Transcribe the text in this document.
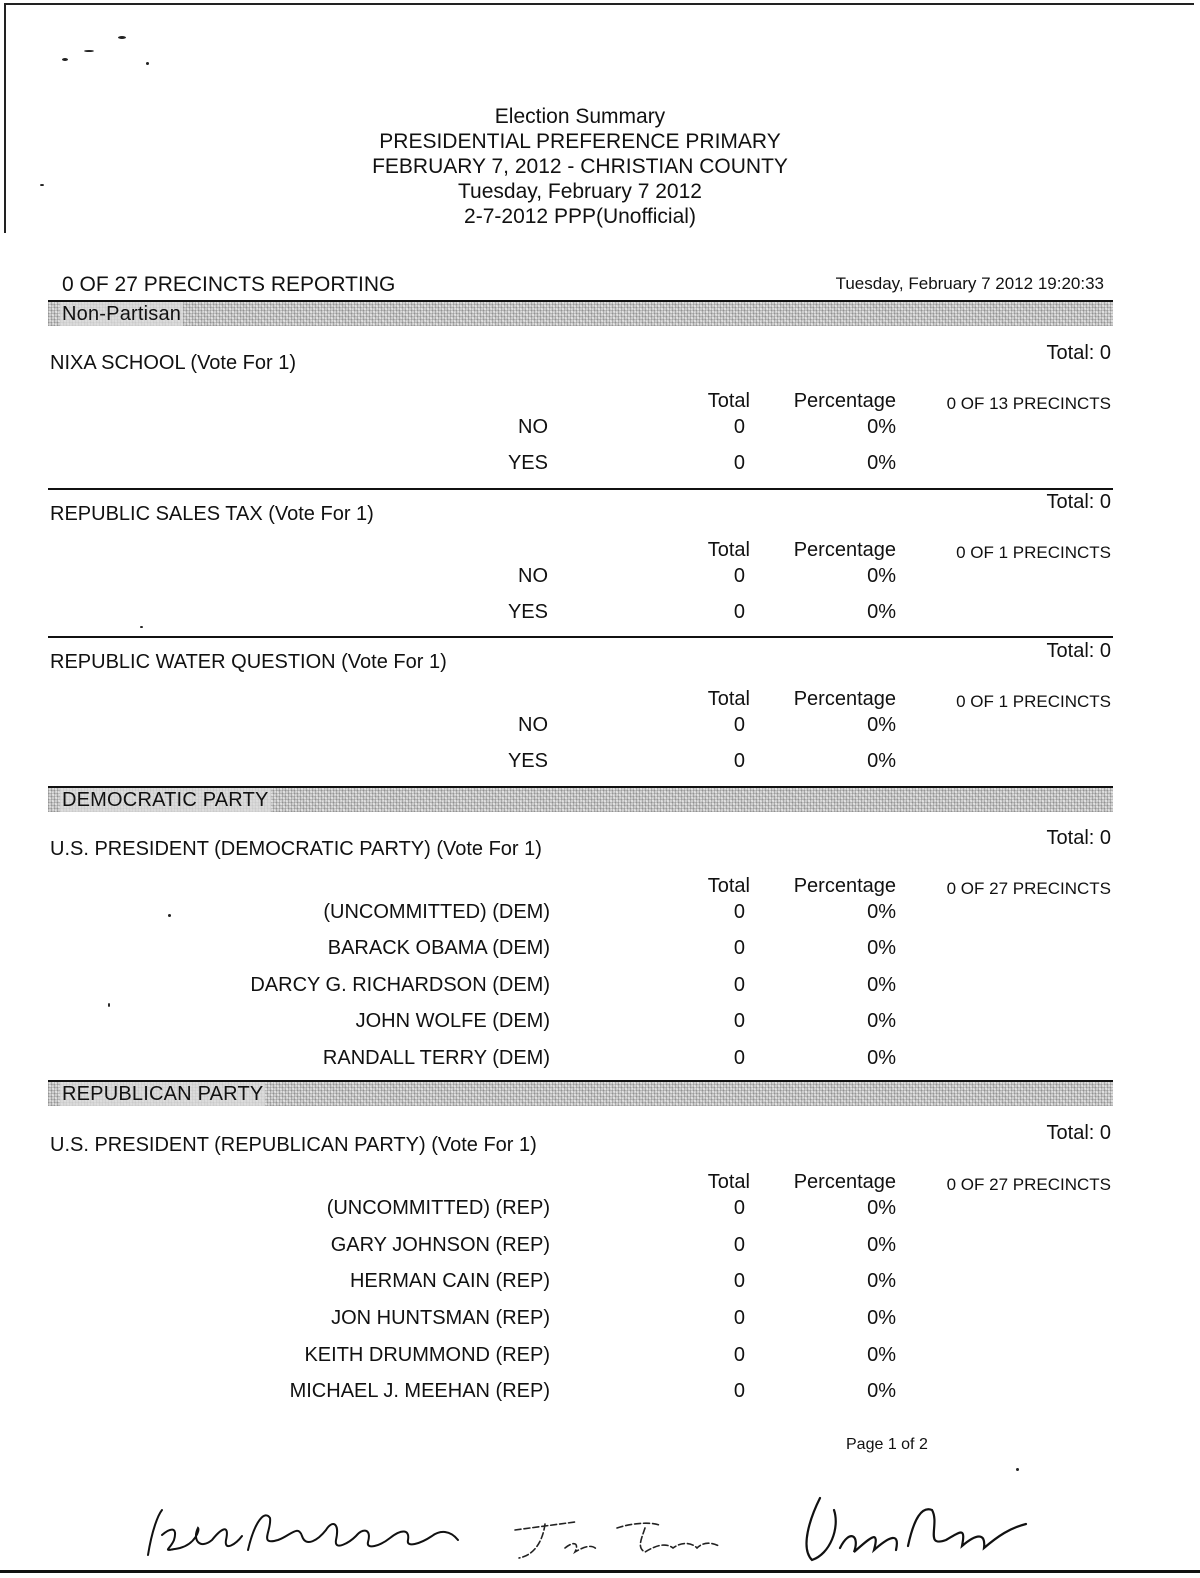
Election Summary
PRESIDENTIAL PREFERENCE PRIMARY
FEBRUARY 7, 2012 - CHRISTIAN COUNTY
Tuesday, February 7 2012
2-7-2012 PPP(Unofficial)
0 OF 27 PRECINCTS REPORTING	Tuesday, February 7 2012 19:20:33
Non-Partisan
NIXA SCHOOL (Vote For 1)	Total: 0
Total	Percentage	0 OF 13 PRECINCTS
NO	0	0%
YES	0	0%
REPUBLIC SALES TAX (Vote For 1)
Total: 0
Total	Percentage	0 OF 1 PRECINCTS
NO	0	0%
YES	0	0%
REPUBLIC WATER QUESTION (Vote For 1)	Total: 0
Total	Percentage	0 OF 1 PRECINCTS
NO	0	0%
YES	0	0%
DEMOCRATIC PARTY
U.S. PRESIDENT (DEMOCRATIC PARTY) (Vote For 1)	Total: 0
Total	Percentage	0 OF 27 PRECINCTS
(UNCOMMITTED) (DEM)	0	0%
BARACK OBAMA (DEM)	0	0%
DARCY G. RICHARDSON (DEM)	0	0%
JOHN WOLFE (DEM)	0	0%
RANDALL TERRY (DEM)	0	0%
REPUBLICAN PARTY
U.S. PRESIDENT (REPUBLICAN PARTY) (Vote For 1)
Total: 0
Total	Percentage	0 OF 27 PRECINCTS
(UNCOMMITTED) (REP)	0	0%
GARY JOHNSON (REP)	0	0%
HERMAN CAIN (REP)	0	0%
JON HUNTSMAN (REP)	0	0%
KEITH DRUMMOND (REP)	0	0%
MICHAEL J. MEEHAN (REP)	0	0%
Page 1 of 2
